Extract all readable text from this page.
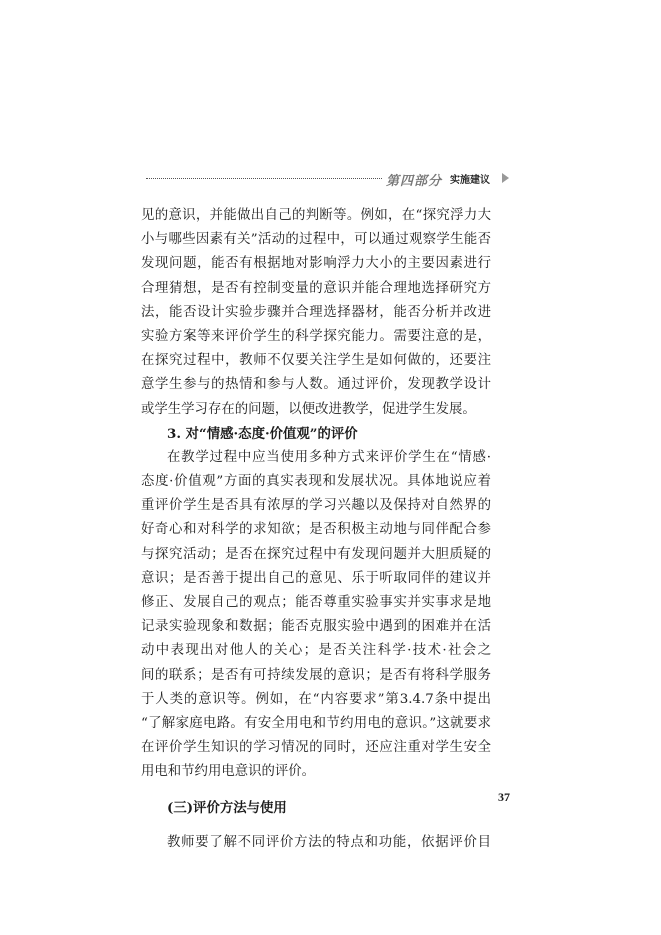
第四部分 实施建议
见的意识，并能做出自己的判断等。例如，在“探究浮力大
小与哪些因素有关”活动的过程中，可以通过观察学生能否
发现问题，能否有根据地对影响浮力大小的主要因素进行
合理猜想，是否有控制变量的意识并能合理地选择研究方
法，能否设计实验步骤并合理选择器材，能否分析并改进
实验方案等来评价学生的科学探究能力。需要注意的是，
在探究过程中，教师不仅要关注学生是如何做的，还要注
意学生参与的热情和参与人数。通过评价，发现教学设计
或学生学习存在的问题，以便改进教学，促进学生发展。
3. 对“情感·态度·价值观”的评价
在教学过程中应当使用多种方式来评价学生在“情感·
态度·价值观”方面的真实表现和发展状况。具体地说应着
重评价学生是否具有浓厚的学习兴趣以及保持对自然界的
好奇心和对科学的求知欲；是否积极主动地与同伴配合参
与探究活动；是否在探究过程中有发现问题并大胆质疑的
意识；是否善于提出自己的意见、乐于听取同伴的建议并
修正、发展自己的观点；能否尊重实验事实并实事求是地
记录实验现象和数据；能否克服实验中遇到的困难并在活
动中表现出对他人的关心；是否关注科学·技术·社会之
间的联系；是否有可持续发展的意识；是否有将科学服务
于人类的意识等。例如，在“内容要求”第3.4.7条中提出
“了解家庭电路。有安全用电和节约用电的意识。”这就要求
在评价学生知识的学习情况的同时，还应注重对学生安全
用电和节约用电意识的评价。
(三)评价方法与使用
教师要了解不同评价方法的特点和功能，依据评价目
37
